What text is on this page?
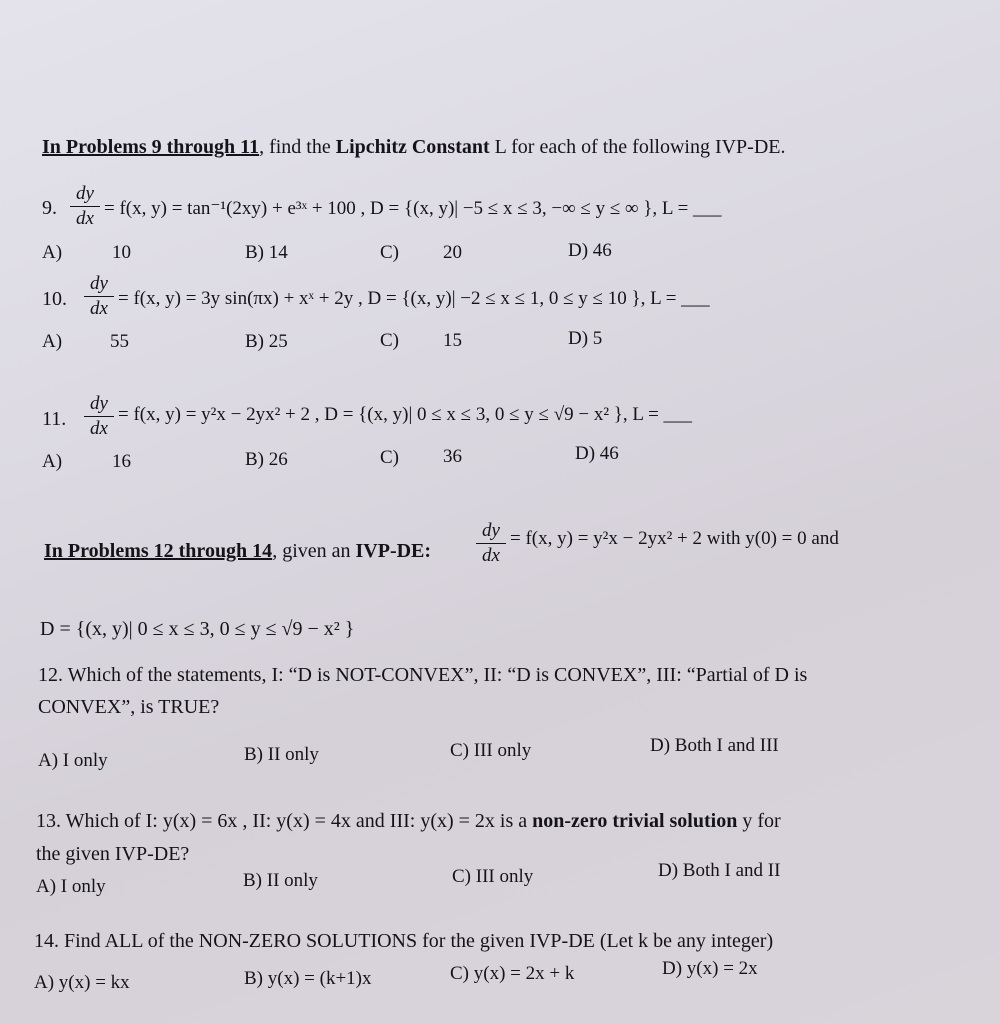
In Problems 9 through 11, find the Lipchitz Constant L for each of the following IVP-DE.
9. $\frac{dy}{dx} = f(x$, y) = tan⁻¹(2xy) + e³ˣ + 100 , D = {(x, y)| −5 ≤ x ≤ 3, −∞ ≤ y ≤ ∞ }, L = ___
A)	10	B) 14	C) 20	D) 46
10. $\frac{dy}{dx} = f(x$, y) = 3y sin(πx) + xˣ + 2y , D = {(x, y)| −2 ≤ x ≤ 1, 0 ≤ y ≤ 10 }, L = ___
A)	55	B) 25	C) 15	D) 5
11. $\frac{dy}{dx} = f(x$, y) = y²x − 2yx² + 2 , D = {(x, y)| 0 ≤ x ≤ 3, 0 ≤ y ≤ √9 − x² }, L = ___
A)	16	B) 26	C) 36	D) 46
In Problems 12 through 14, given an IVP-DE: $\frac{dy}{dx} = f(x$, y) = y²x − 2yx² + 2 with y(0) = 0 and
D = {(x, y)| 0 ≤ x ≤ 3, 0 ≤ y ≤ √9 − x² }
12. Which of the statements, I: “D is NOT-CONVEX”, II: “D is CONVEX”, III: “Partial of D is
CONVEX”, is TRUE?
A) I only	B) II only	C) III only	D) Both I and III
13. Which of I: y(x) = 6x , II: y(x) = 4x and III: y(x) = 2x is a non-zero trivial solution y for
the given IVP-DE?
A) I only	B) II only	C) III only	D) Both I and II
14. Find ALL of the NON-ZERO SOLUTIONS for the given IVP-DE (Let k be any integer)
A) y(x) = kx	B) y(x) = (k+1)x	C) y(x) = 2x + k	D) y(x) = 2x
